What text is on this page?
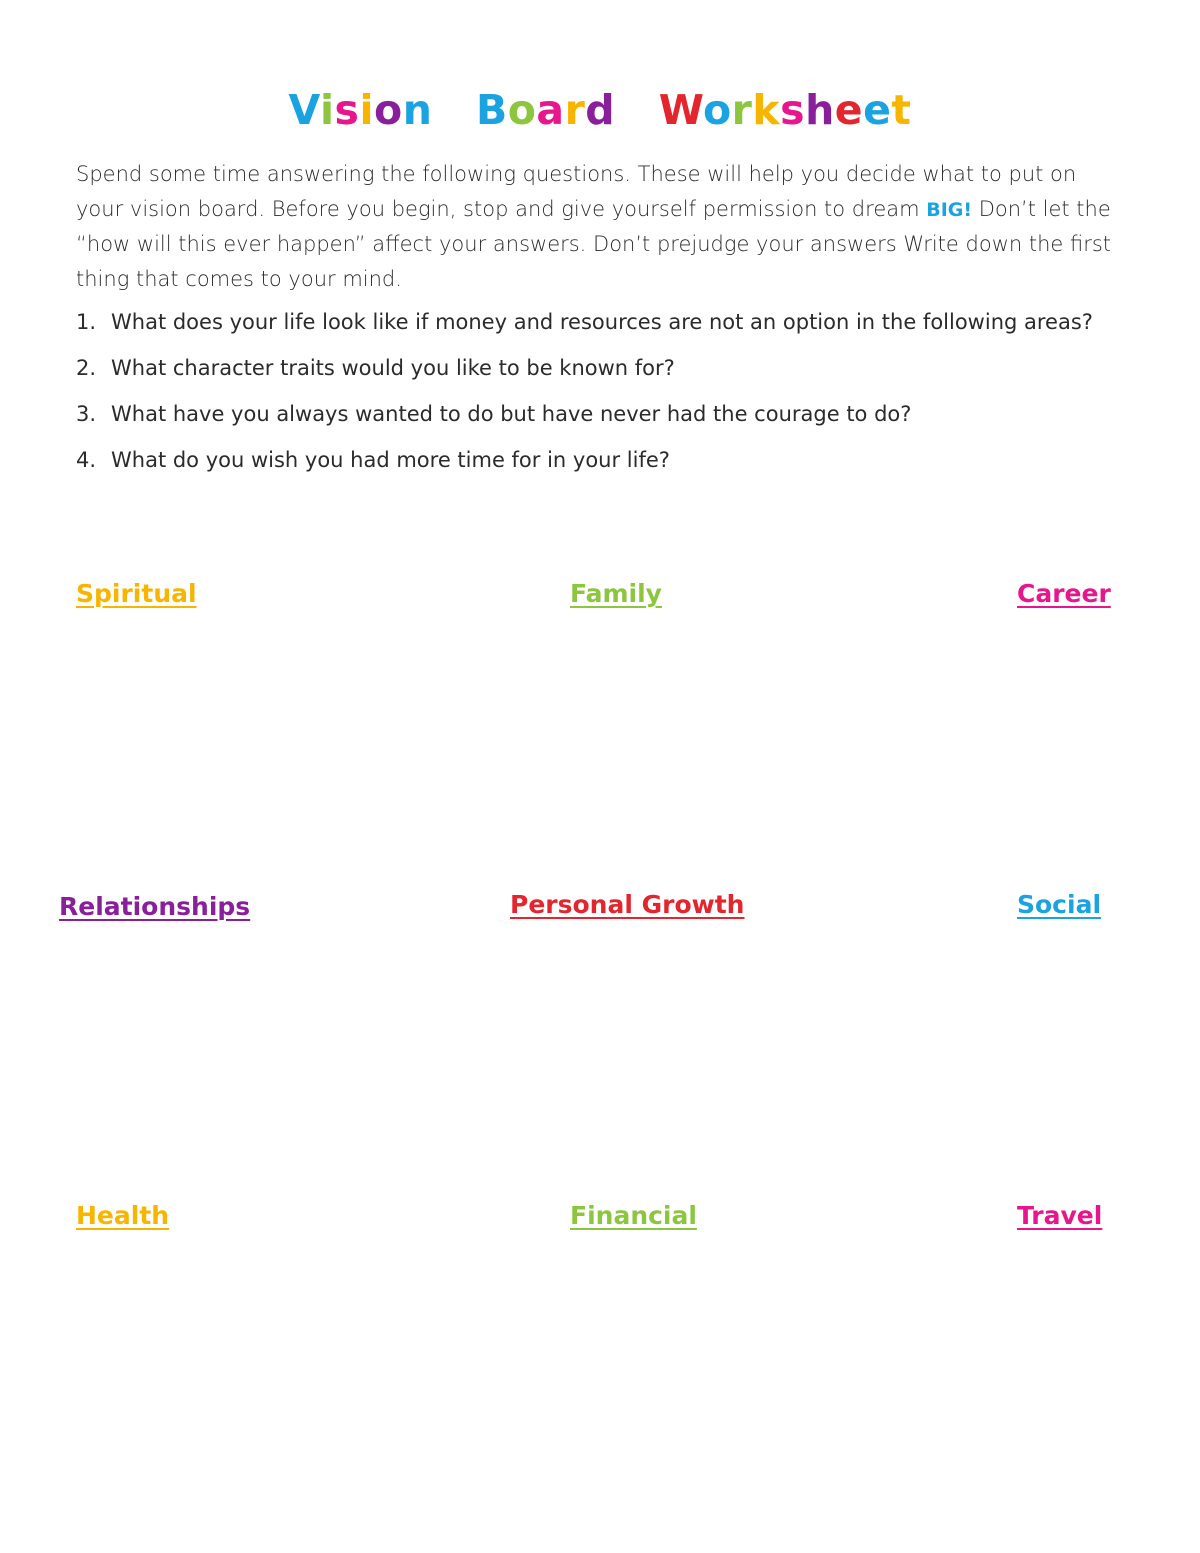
Vision Board Worksheet

Spend some time answering the following questions. These will help you decide what to put on your vision board. Before you begin, stop and give yourself permission to dream BIG! Don’t let the “how will this ever happen” affect your answers. Don’t prejudge your answers Write down the first thing that comes to your mind.

1. What does your life look like if money and resources are not an option in the following areas?
2. What character traits would you like to be known for?
3. What have you always wanted to do but have never had the courage to do?
4. What do you wish you had more time for in your life?
Spiritual	Family	Career
Relationships	Personal Growth	Social
Health	Financial	Travel
